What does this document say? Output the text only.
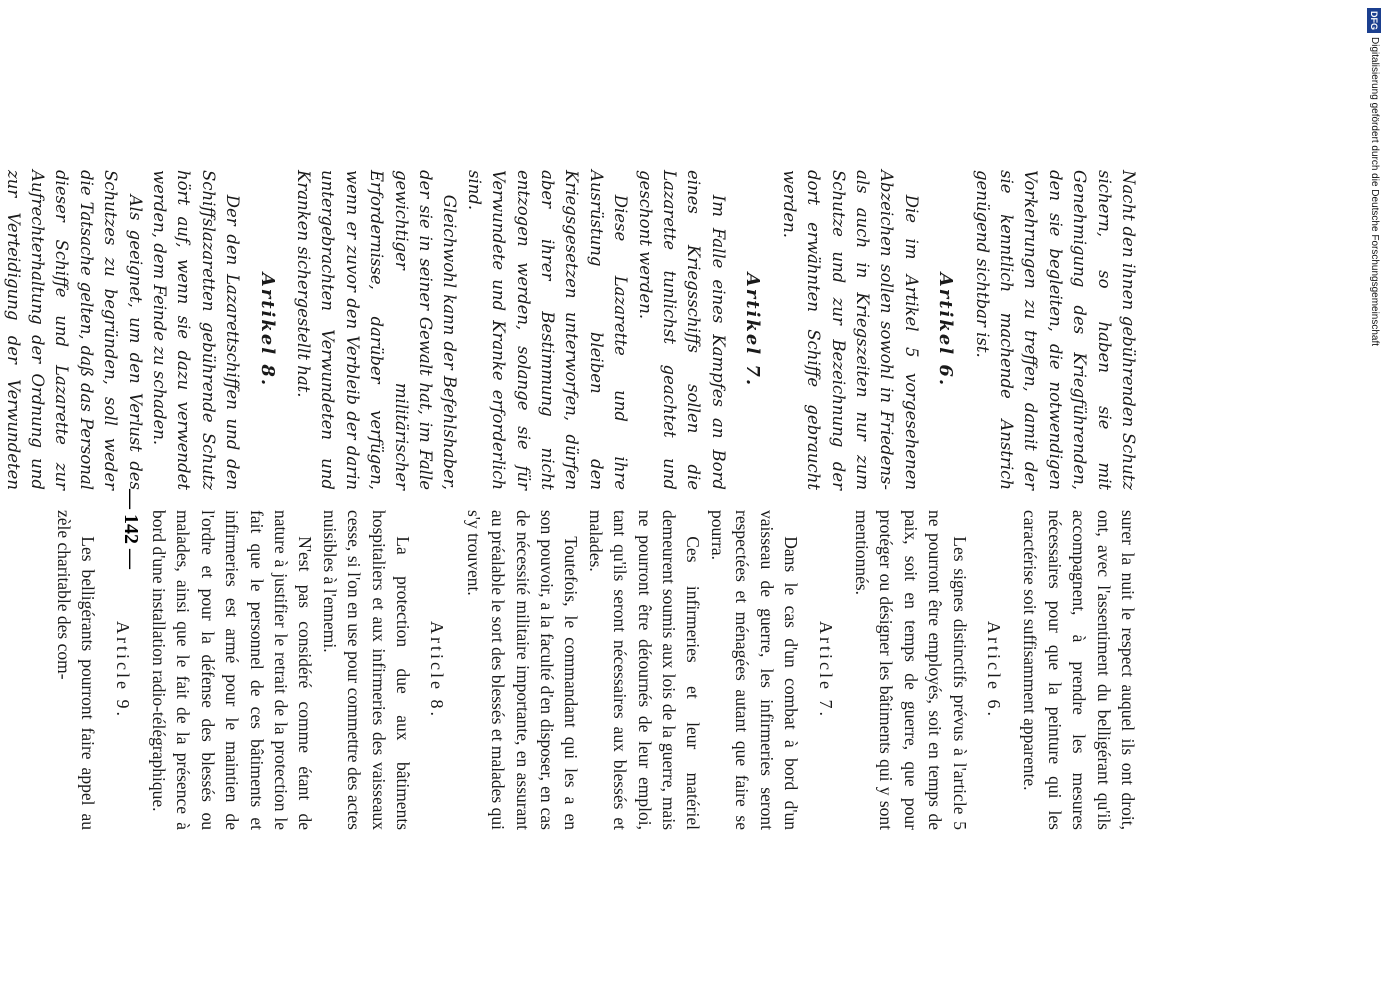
Nacht den ihnen gebührenden Schutz sichern, so haben sie mit Genehmigung des Kriegführenden, den sie begleiten, die notwendigen Vorkehrungen zu treffen, damit der sie kenntlich machende Anstrich genügend sichtbar ist.

Artikel 6.

Die im Artikel 5 vorgesehenen Abzeichen sollen sowohl in Friedens- als auch in Kriegszeiten nur zum Schutze und zur Bezeichnung der dort erwähnten Schiffe gebraucht werden.

Artikel 7.

Im Falle eines Kampfes an Bord eines Kriegsschiffs sollen die Lazarette tunlichst geachtet und geschont werden.

Diese Lazarette und ihre Ausrüstung bleiben den Kriegsgesetzen unterworfen, dürfen aber ihrer Bestimmung nicht entzogen werden, solange sie für Verwundete und Kranke erforderlich sind.

Gleichwohl kann der Befehlshaber, der sie in seiner Gewalt hat, im Falle gewichtiger militärischer Erfordernisse, darüber verfügen, wenn er zuvor den Verbleib der darin untergebrachten Verwundeten und Kranken sichergestellt hat.

Artikel 8.

Der den Lazarettschiffen und den Schiffslazaretten gebührende Schutz hört auf, wenn sie dazu verwendet werden, dem Feinde zu schaden.

Als geeignet, um den Verlust des Schutzes zu begründen, soll weder die Tatsache gelten, daß das Personal dieser Schiffe und Lazarette zur Aufrechterhaltung der Ordnung und zur Verteidigung der Verwundeten

surer la nuit le respect auquel ils ont droit, ont, avec l'assentiment du belligérant qu'ils accompagnent, à prendre les mesures nécessaires pour que la peinture qui les caractérise soit suffisamment apparente.

Article 6.

Les signes distinctifs prévus à l'article 5 ne pourront être employés, soit en temps de paix, soit en temps de guerre, que pour protéger ou désigner les bâtiments qui y sont mentionnés.

Article 7.

Dans le cas d'un combat à bord d'un vaisseau de guerre, les infirmeries seront respectées et ménagées autant que faire se pourra.

Ces infirmeries et leur matériel demeurent soumis aux lois de la guerre, mais ne pourront être détournés de leur emploi, tant qu'ils seront nécessaires aux blessés et malades.

Toutefois, le commandant qui les a en son pouvoir, a la faculté d'en disposer, en cas de nécessité militaire importante, en assurant au préalable le sort des blessés et malades qui s'y trouvent.

Article 8.

La protection due aux bâtiments hospitaliers et aux infirmeries des vaisseaux cesse, si l'on en use pour commettre des actes nuisibles à l'ennemi.

N'est pas considéré comme étant de nature à justifier le retrait de la protection le fait que le personnel de ces bâtiments et infirmeries est armé pour le maintien de l'ordre et pour la défense des blessés ou malades, ainsi que le fait de la présence à bord d'une installation radio-télégraphique.

Article 9.

Les belligérants pourront faire appel au zèle charitable des com-	— 142 —
DFGDigitalisierung gefördert durch die Deutsche Forschungsgemeinschaft
